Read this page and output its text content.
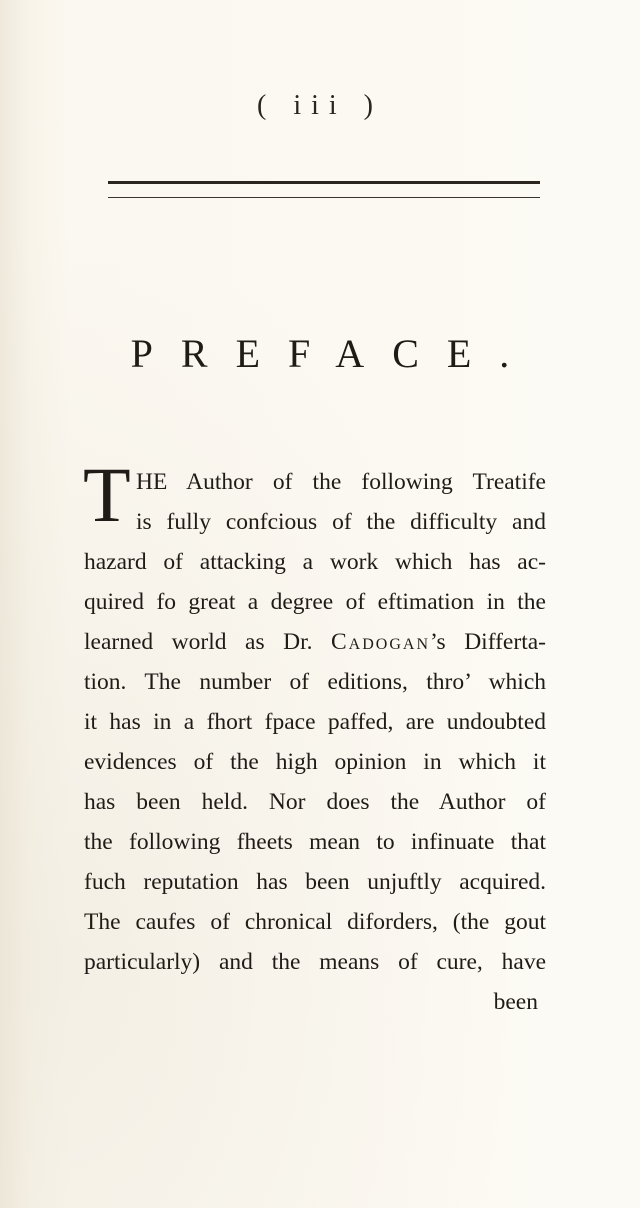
( iii )
PREFACE.
T HE Author of the following Treatife
is fully confcious of the difficulty and
hazard of attacking a work which has ac-
quired fo great a degree of eftimation in the
learned world as Dr. Cadogan’s Differta-
tion. The number of editions, thro’ which
it has in a fhort fpace paffed, are undoubted
evidences of the high opinion in which it
has been held. Nor does the Author of
the following fheets mean to infinuate that
fuch reputation has been unjuftly acquired.
The caufes of chronical diforders, (the gout
particularly) and the means of cure, have
been
